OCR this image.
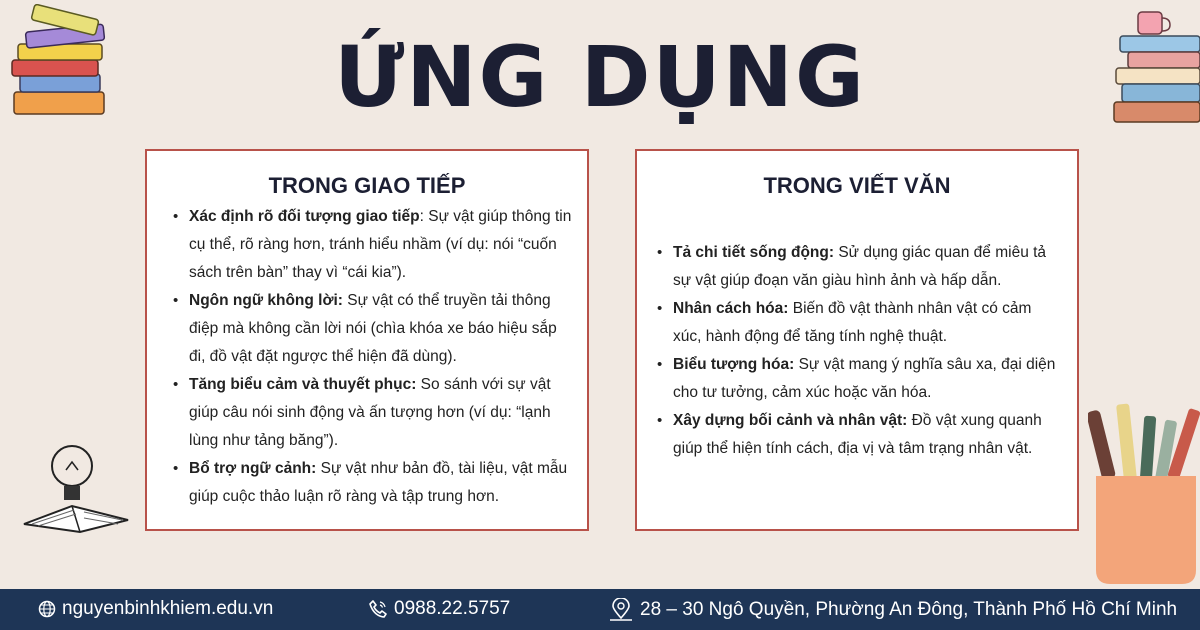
ỨNG DỤNG
TRONG GIAO TIẾP
• Xác định rõ đối tượng giao tiếp: Sự vật giúp thông tin cụ thể, rõ ràng hơn, tránh hiểu nhầm (ví dụ: nói “cuốn sách trên bàn” thay vì “cái kia”).
• Ngôn ngữ không lời: Sự vật có thể truyền tải thông điệp mà không cần lời nói (chìa khóa xe báo hiệu sắp đi, đồ vật đặt ngược thể hiện đã dùng).
• Tăng biểu cảm và thuyết phục: So sánh với sự vật giúp câu nói sinh động và ấn tượng hơn (ví dụ: “lạnh lùng như tảng băng”).
• Bổ trợ ngữ cảnh: Sự vật như bản đồ, tài liệu, vật mẫu giúp cuộc thảo luận rõ ràng và tập trung hơn.
TRONG VIẾT VĂN
• Tả chi tiết sống động: Sử dụng giác quan để miêu tả sự vật giúp đoạn văn giàu hình ảnh và hấp dẫn.
• Nhân cách hóa: Biến đồ vật thành nhân vật có cảm xúc, hành động để tăng tính nghệ thuật.
• Biểu tượng hóa: Sự vật mang ý nghĩa sâu xa, đại diện cho tư tưởng, cảm xúc hoặc văn hóa.
• Xây dựng bối cảnh và nhân vật: Đồ vật xung quanh giúp thể hiện tính cách, địa vị và tâm trạng nhân vật.
nguyenbinhkhiem.edu.vn	0988.22.5757	28 – 30 Ngô Quyền, Phường An Đông, Thành Phố Hồ Chí Minh
